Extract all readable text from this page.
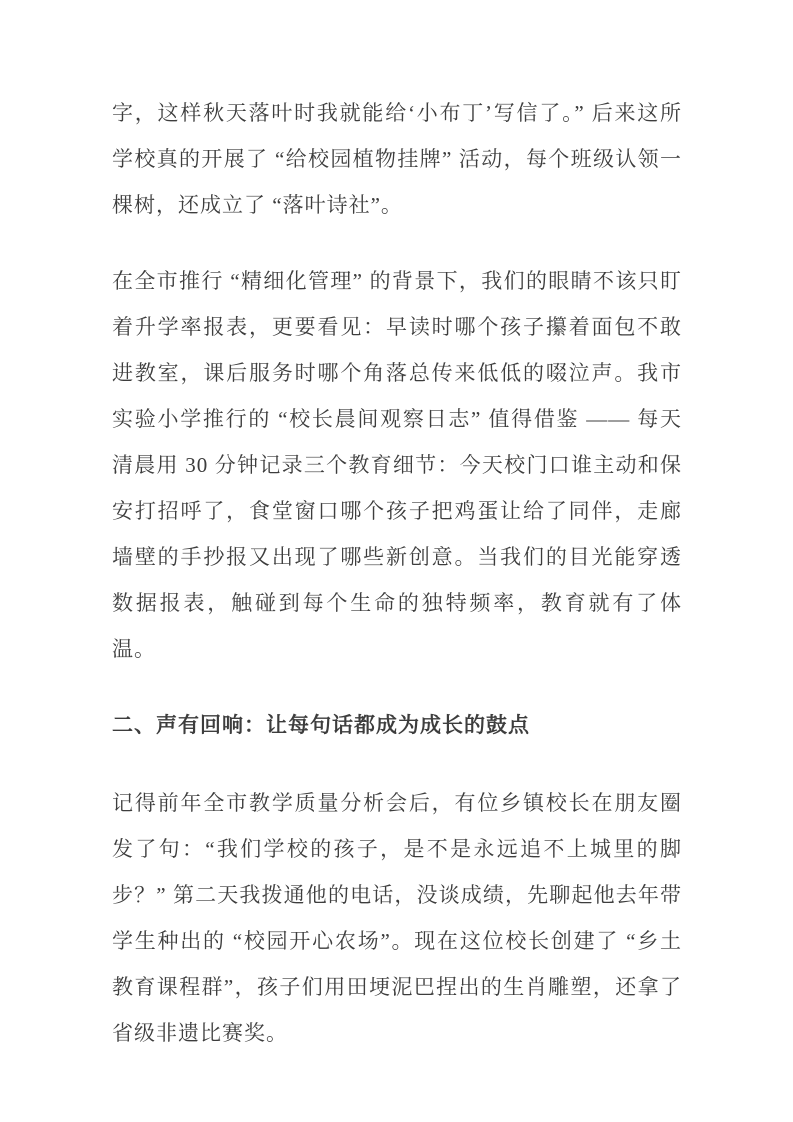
字，这样秋天落叶时我就能给‘小布丁’写信了。” 后来这所学校真的开展了 “给校园植物挂牌” 活动，每个班级认领一棵树，还成立了 “落叶诗社”。

在全市推行 “精细化管理” 的背景下，我们的眼睛不该只盯着升学率报表，更要看见：早读时哪个孩子攥着面包不敢进教室，课后服务时哪个角落总传来低低的啜泣声。我市实验小学推行的 “校长晨间观察日志” 值得借鉴 —— 每天清晨用 30 分钟记录三个教育细节：今天校门口谁主动和保安打招呼了，食堂窗口哪个孩子把鸡蛋让给了同伴，走廊墙壁的手抄报又出现了哪些新创意。当我们的目光能穿透数据报表，触碰到每个生命的独特频率，教育就有了体温。

二、声有回响：让每句话都成为成长的鼓点

记得前年全市教学质量分析会后，有位乡镇校长在朋友圈发了句：“我们学校的孩子，是不是永远追不上城里的脚步？” 第二天我拨通他的电话，没谈成绩，先聊起他去年带学生种出的 “校园开心农场”。现在这位校长创建了 “乡土教育课程群”，孩子们用田埂泥巴捏出的生肖雕塑，还拿了省级非遗比赛奖。
